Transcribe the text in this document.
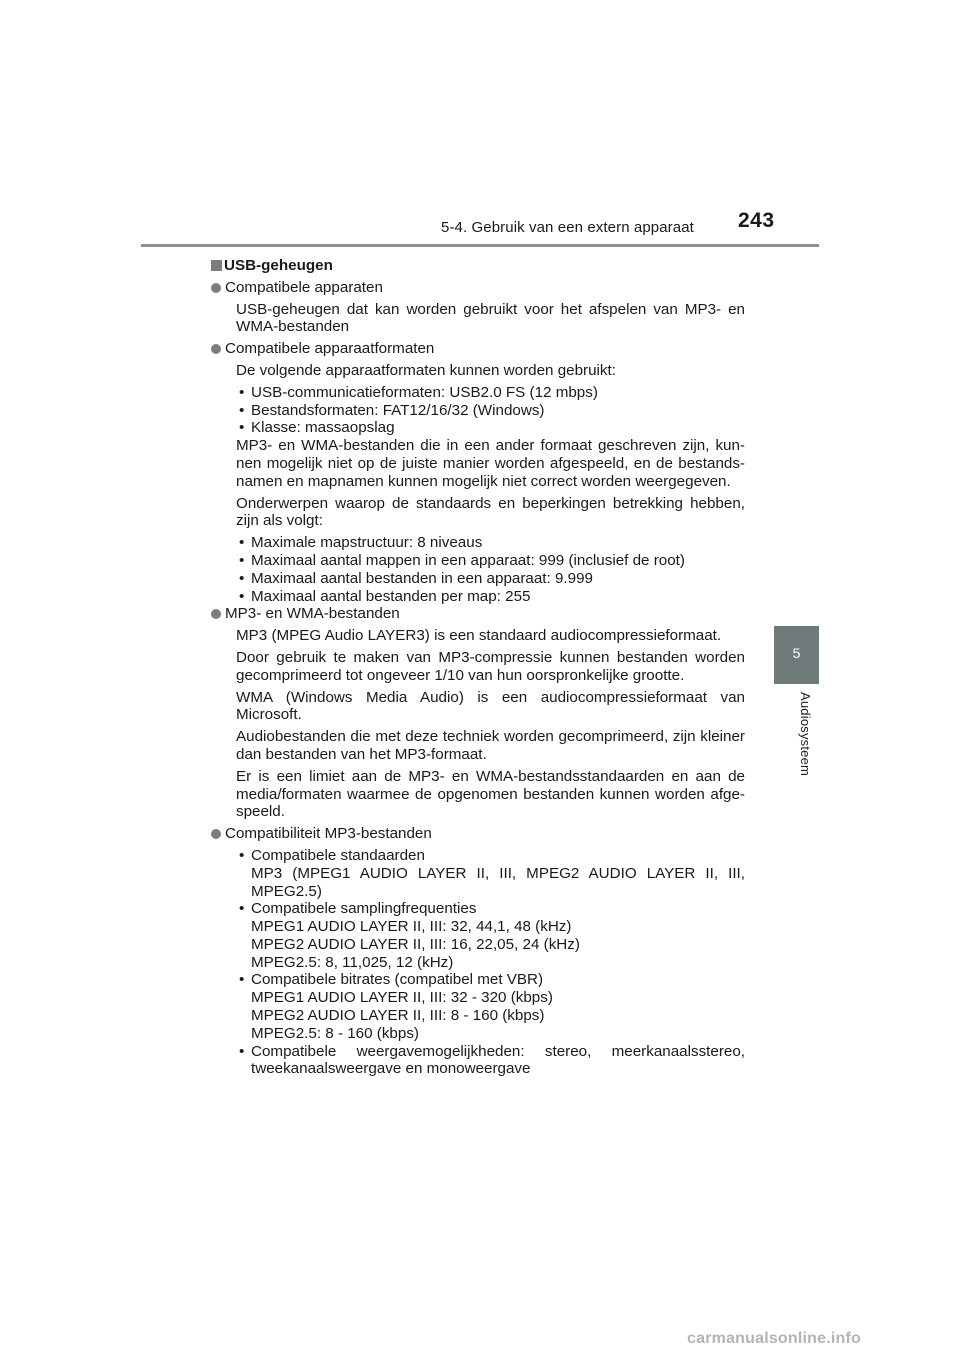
5-4. Gebruik van een extern apparaat 243
5
Audiosysteem
USB-geheugen
Compatibele apparaten

USB-geheugen dat kan worden gebruikt voor het afspelen van MP3- en WMA-bestanden

Compatibele apparaatformaten

De volgende apparaatformaten kunnen worden gebruikt:

• USB-communicatieformaten: USB2.0 FS (12 mbps)
• Bestandsformaten: FAT12/16/32 (Windows)
• Klasse: massaopslag

MP3- en WMA-bestanden die in een ander formaat geschreven zijn, kun-nen mogelijk niet op de juiste manier worden afgespeeld, en de bestands-namen en mapnamen kunnen mogelijk niet correct worden weergegeven.

Onderwerpen waarop de standaards en beperkingen betrekking hebben, zijn als volgt:

• Maximale mapstructuur: 8 niveaus
• Maximaal aantal mappen in een apparaat: 999 (inclusief de root)
• Maximaal aantal bestanden in een apparaat: 9.999
• Maximaal aantal bestanden per map: 255
MP3- en WMA-bestanden

MP3 (MPEG Audio LAYER3) is een standaard audiocompressieformaat.

Door gebruik te maken van MP3-compressie kunnen bestanden worden gecomprimeerd tot ongeveer 1/10 van hun oorspronkelijke grootte.

WMA (Windows Media Audio) is een audiocompressieformaat van Microsoft.

Audiobestanden die met deze techniek worden gecomprimeerd, zijn kleiner dan bestanden van het MP3-formaat.

Er is een limiet aan de MP3- en WMA-bestandsstandaarden en aan de media/formaten waarmee de opgenomen bestanden kunnen worden afge-speeld.

Compatibiliteit MP3-bestanden
• Compatibele standaarden
MP3 (MPEG1 AUDIO LAYER II, III, MPEG2 AUDIO LAYER II, III, MPEG2.5)
• Compatibele samplingfrequenties
MPEG1 AUDIO LAYER II, III: 32, 44,1, 48 (kHz)
MPEG2 AUDIO LAYER II, III: 16, 22,05, 24 (kHz)
MPEG2.5: 8, 11,025, 12 (kHz)
• Compatibele bitrates (compatibel met VBR)
MPEG1 AUDIO LAYER II, III: 32 - 320 (kbps)
MPEG2 AUDIO LAYER II, III: 8 - 160 (kbps)
MPEG2.5: 8 - 160 (kbps)
• Compatibele weergavemogelijkheden: stereo, meerkanaalsstereo, tweekanaalsweergave en monoweergave
carmanualsonline.info
